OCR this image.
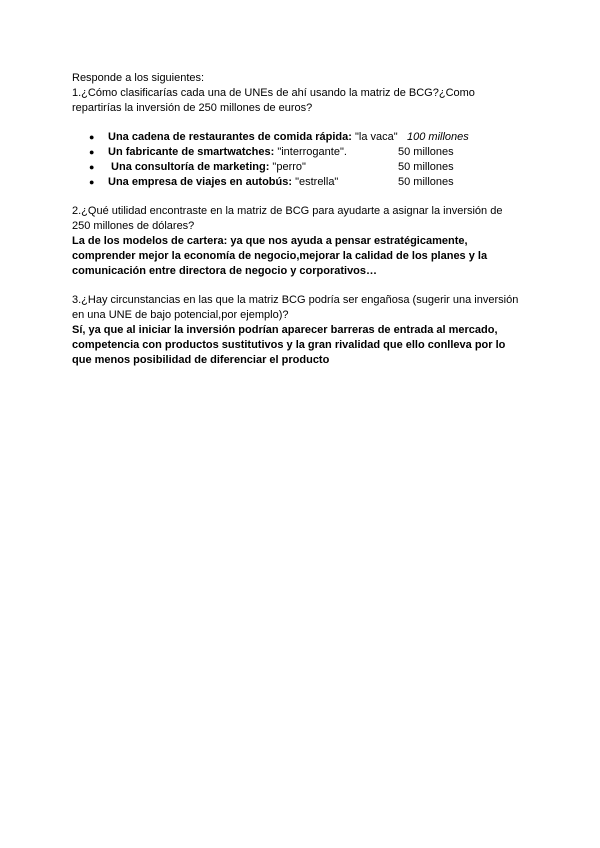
Responde a los siguientes:
1.¿Cómo clasificarías cada una de UNEs de ahí usando la matriz de BCG?¿Como
repartirías la inversión de 250 millones de euros?
● Una cadena de restaurantes de comida rápida: "la vaca" 100 millones
● Un fabricante de smartwatches: "interrogante".	50 millones
● Una consultoría de marketing: "perro"	50 millones
● Una empresa de viajes en autobús: "estrella"	50 millones
2.¿Qué utilidad encontraste en la matriz de BCG para ayudarte a asignar la inversión de
250 millones de dólares?
La de los modelos de cartera: ya que nos ayuda a pensar estratégicamente,
comprender mejor la economía de negocio,mejorar la calidad de los planes y la
comunicación entre directora de negocio y corporativos…
3.¿Hay circunstancias en las que la matriz BCG podría ser engañosa (sugerir una inversión
en una UNE de bajo potencial,por ejemplo)?
Sí, ya que al iniciar la inversión podrían aparecer barreras de entrada al mercado,
competencia con productos sustitutivos y la gran rivalidad que ello conlleva por lo
que menos posibilidad de diferenciar el producto
